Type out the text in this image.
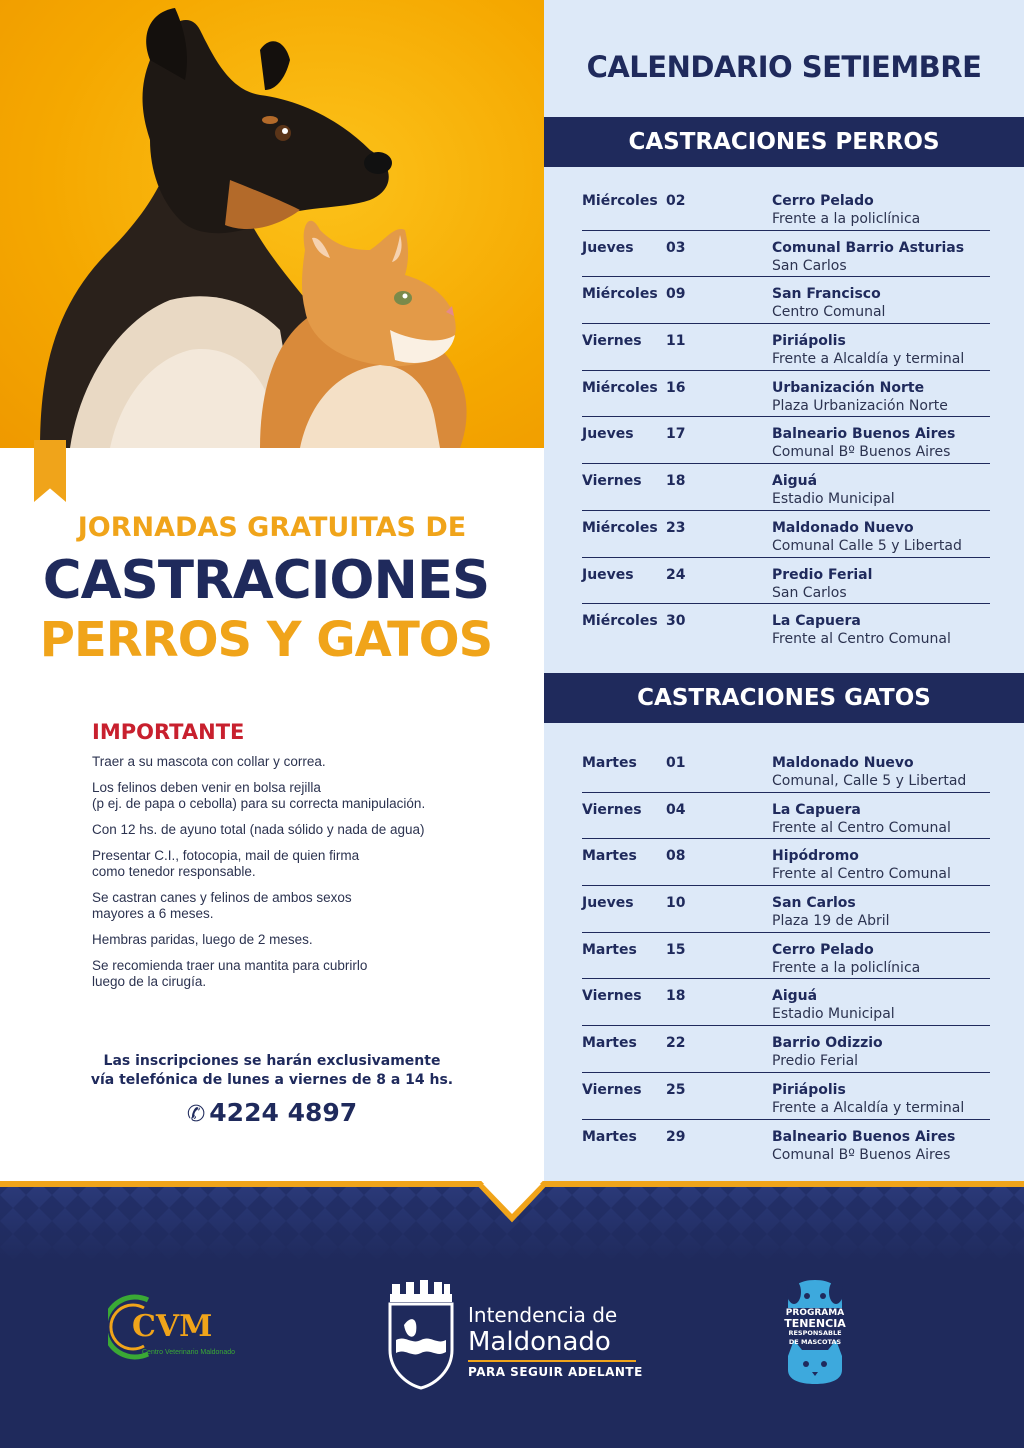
JORNADAS GRATUITAS DE
CASTRACIONES
PERROS Y GATOS
IMPORTANTE

Traer a su mascota con collar y correa.

Los felinos deben venir en bolsa rejilla
(p ej. de papa o cebolla) para su correcta manipulación.

Con 12 hs. de ayuno total (nada sólido y nada de agua)

Presentar C.I., fotocopia, mail de quien firma
como tenedor responsable.

Se castran canes y felinos de ambos sexos
mayores a 6 meses.

Hembras paridas, luego de 2 meses.

Se recomienda traer una mantita para cubrirlo
luego de la cirugía.

Las inscripciones se harán exclusivamente
vía telefónica de lunes a viernes de 8 a 14 hs.
✆ 4224 4897
CALENDARIO SETIEMBRE
CASTRACIONES PERROS
Miércoles 02	Cerro Pelado
Frente a la policlínica
Jueves 03	Comunal Barrio Asturias
San Carlos
Miércoles 09	San Francisco
Centro Comunal
Viernes 11	Piriápolis
Frente a Alcaldía y terminal
Miércoles 16	Urbanización Norte
Plaza Urbanización Norte
Jueves 17	Balneario Buenos Aires
Comunal Bº Buenos Aires
Viernes 18	Aiguá
Estadio Municipal
Miércoles 23	Maldonado Nuevo
Comunal Calle 5 y Libertad
Jueves 24	Predio Ferial
San Carlos
Miércoles 30	La Capuera
Frente al Centro Comunal
CASTRACIONES GATOS
Martes 01	Maldonado Nuevo
Comunal, Calle 5 y Libertad
Viernes 04	La Capuera
Frente al Centro Comunal
Martes 08	Hipódromo
Frente al Centro Comunal
Jueves 10	San Carlos
Plaza 19 de Abril
Martes 15	Cerro Pelado
Frente a la policlínica
Viernes 18	Aiguá
Estadio Municipal
Martes 22	Barrio Odizzio
Predio Ferial
Viernes 25	Piriápolis
Frente a Alcaldía y terminal
Martes 29	Balneario Buenos Aires
Comunal Bº Buenos Aires
CVM
Centro Veterinario Maldonado
Intendencia de
Maldonado
PARA SEGUIR ADELANTE
PROGRAMA
TENENCIA
RESPONSABLE
DE MASCOTAS
